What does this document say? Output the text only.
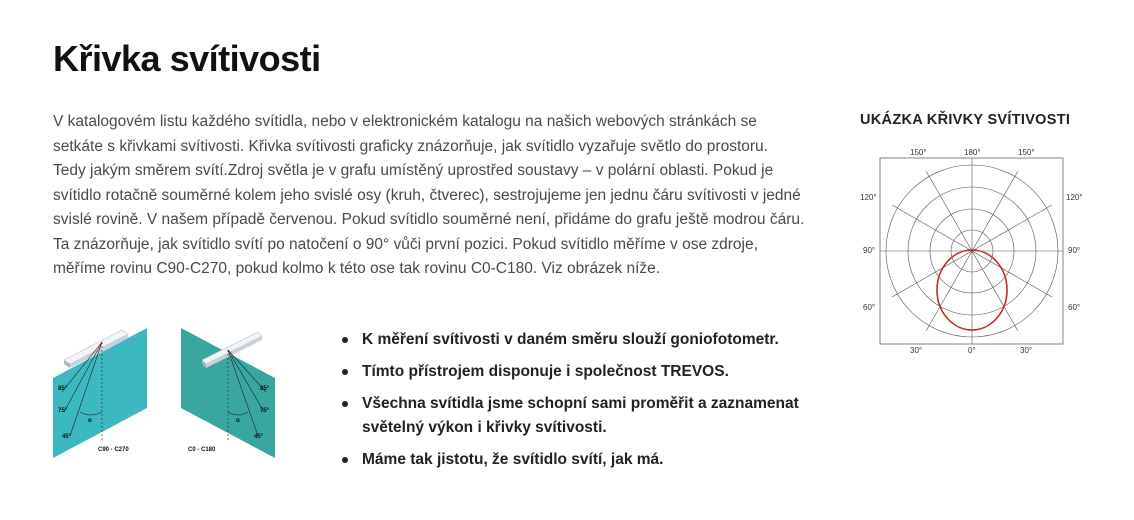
Křivka svítivosti

V katalogovém listu každého svítidla, nebo v elektronickém katalogu na našich webových stránkách se
setkáte s křivkami svítivosti. Křivka svítivosti graficky znázorňuje, jak svítidlo vyzařuje světlo do prostoru.
Tedy jakým směrem svítí.Zdroj světla je v grafu umístěný uprostřed soustavy – v polární oblasti. Pokud je
svítidlo rotačně souměrné kolem jeho svislé osy (kruh, čtverec), sestrojujeme jen jednu čáru svítivosti v jedné
svislé rovině. V našem případě červenou. Pokud svítidlo souměrné není, přidáme do grafu ještě modrou čáru.
Ta znázorňuje, jak svítidlo svítí po natočení o 90° vůči první pozici. Pokud svítidlo měříme v ose zdroje,
měříme rovinu C90-C270, pokud kolmo k této ose tak rovinu C0-C180. Viz obrázek níže.

UKÁZKA KŘIVKY SVÍTIVOSTI
150°	180°	150°
120°	120°
90°	90°
60°	60°
30°	0°	30°
85°
75°
45°
α
C90 - C270
85°
75°
45°
α
C0 - C180
K měření svítivosti v daném směru slouží goniofotometr.
Tímto přístrojem disponuje i společnost TREVOS.
Všechna svítidla jsme schopní sami proměřit a zaznamenat světelný výkon i křivky svítivosti.
Máme tak jistotu, že svítidlo svítí, jak má.
